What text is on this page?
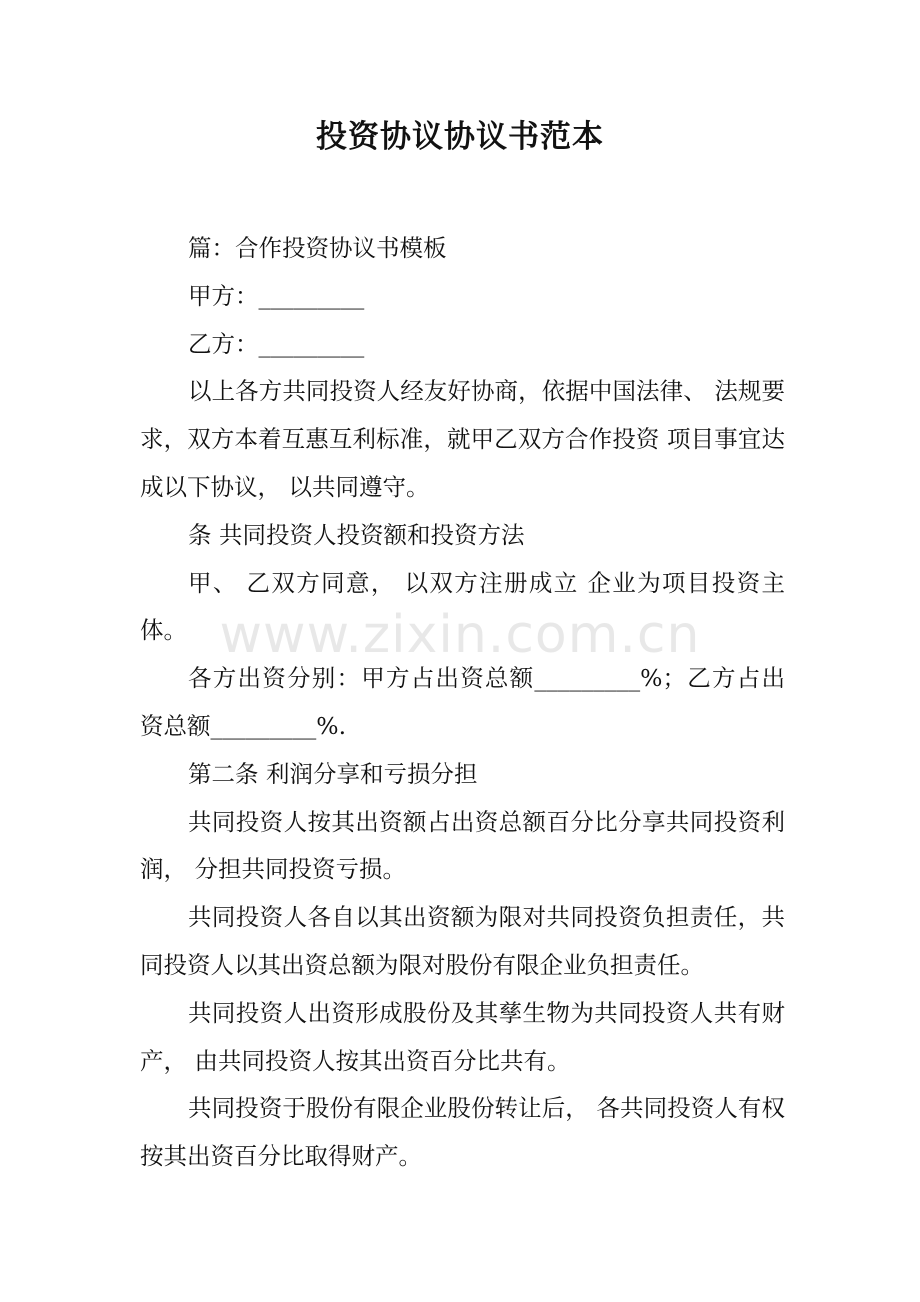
投资协议协议书范本

篇：合作投资协议书模板

甲方：_________

乙方：_________

以上各方共同投资人经友好协商，依据中国法律、 法规要求，双方本着互惠互利标准，就甲乙双方合作投资 项目事宜达成以下协议， 以共同遵守。

条 共同投资人投资额和投资方法

甲、 乙双方同意， 以双方注册成立 企业为项目投资主体。

各方出资分别：甲方占出资总额_________%；乙方占出资总额_________%.

第二条 利润分享和亏损分担

共同投资人按其出资额占出资总额百分比分享共同投资利润， 分担共同投资亏损。

共同投资人各自以其出资额为限对共同投资负担责任，共同投资人以其出资总额为限对股份有限企业负担责任。

共同投资人出资形成股份及其孳生物为共同投资人共有财产， 由共同投资人按其出资百分比共有。

共同投资于股份有限企业股份转让后， 各共同投资人有权按其出资百分比取得财产。

www.zixin.com.cn
